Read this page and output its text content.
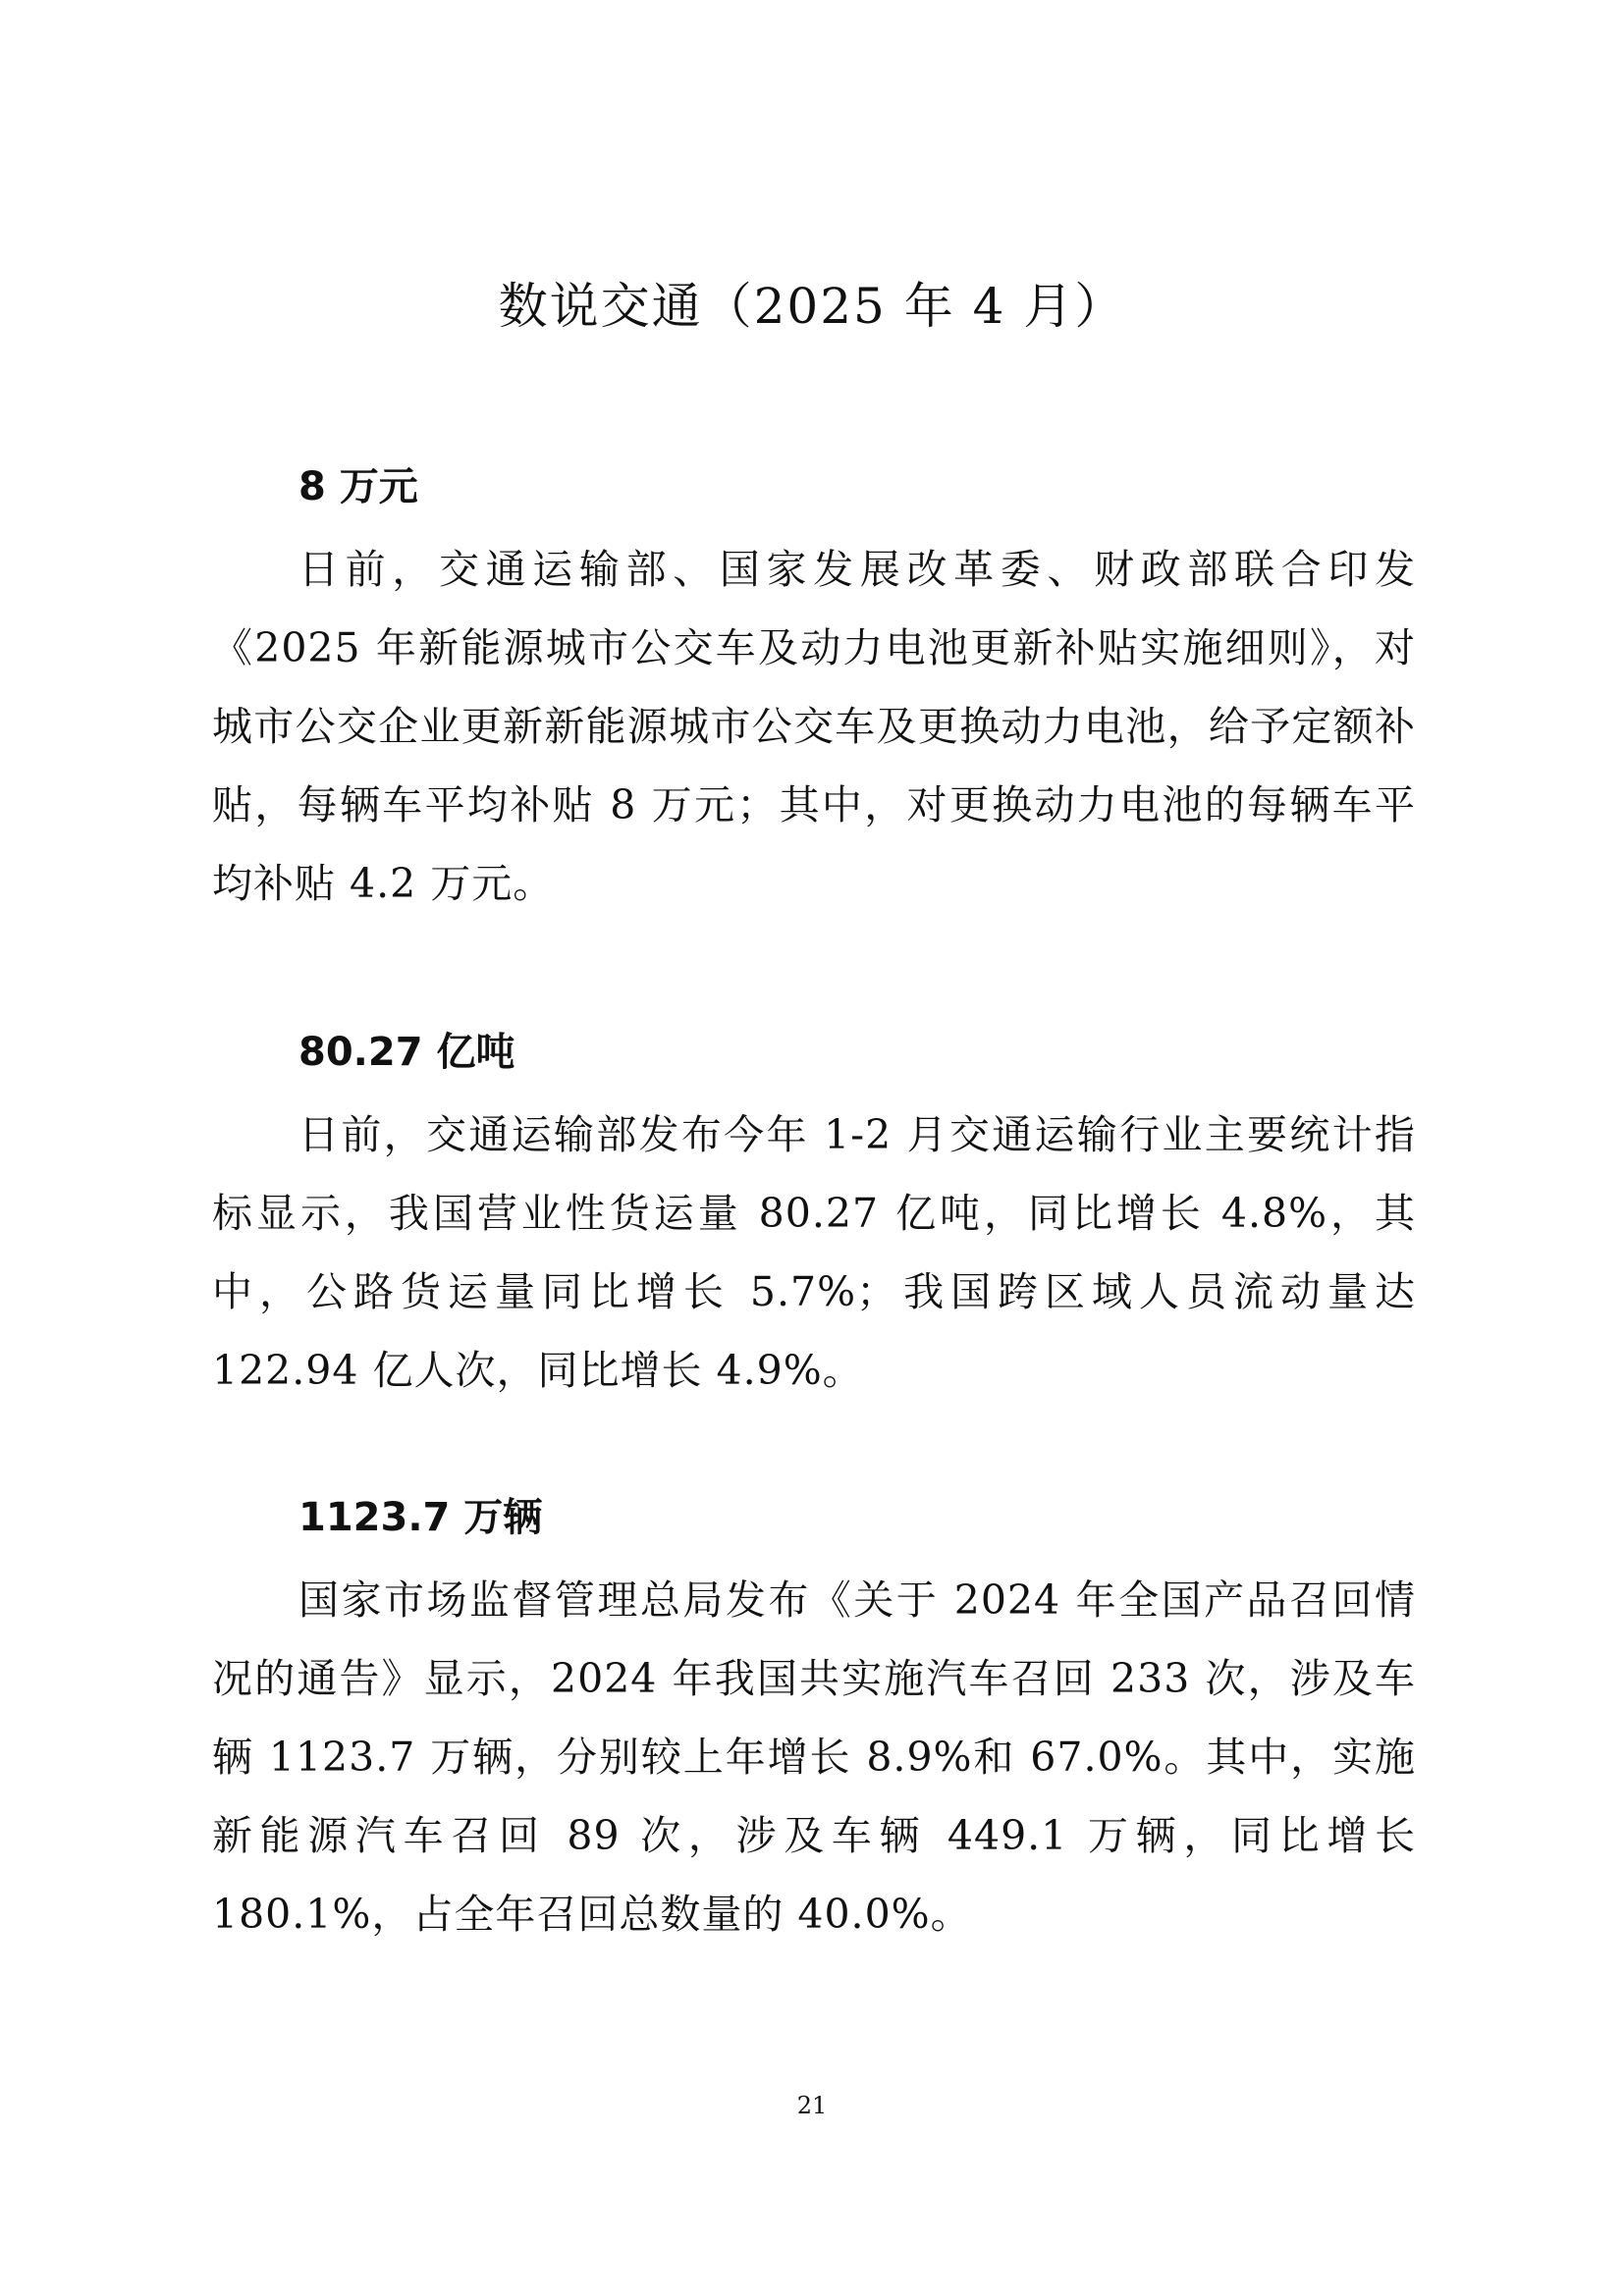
数说交通（2025 年 4 月）
8 万元

日前，交通运输部、国家发展改革委、财政部联合印发《2025 年新能源城市公交车及动力电池更新补贴实施细则》，对城市公交企业更新新能源城市公交车及更换动力电池，给予定额补贴，每辆车平均补贴 8 万元；其中，对更换动力电池的每辆车平均补贴 4.2 万元。

80.27 亿吨

日前，交通运输部发布今年 1-2 月交通运输行业主要统计指标显示，我国营业性货运量 80.27 亿吨，同比增长 4.8%，其中，公路货运量同比增长 5.7%；我国跨区域人员流动量达 122.94 亿人次，同比增长 4.9%。

1123.7 万辆

国家市场监督管理总局发布《关于 2024 年全国产品召回情况的通告》显示，2024 年我国共实施汽车召回 233 次，涉及车辆 1123.7 万辆，分别较上年增长 8.9%和 67.0%。其中，实施新能源汽车召回 89 次，涉及车辆 449.1 万辆，同比增长 180.1%，占全年召回总数量的 40.0%。

21
